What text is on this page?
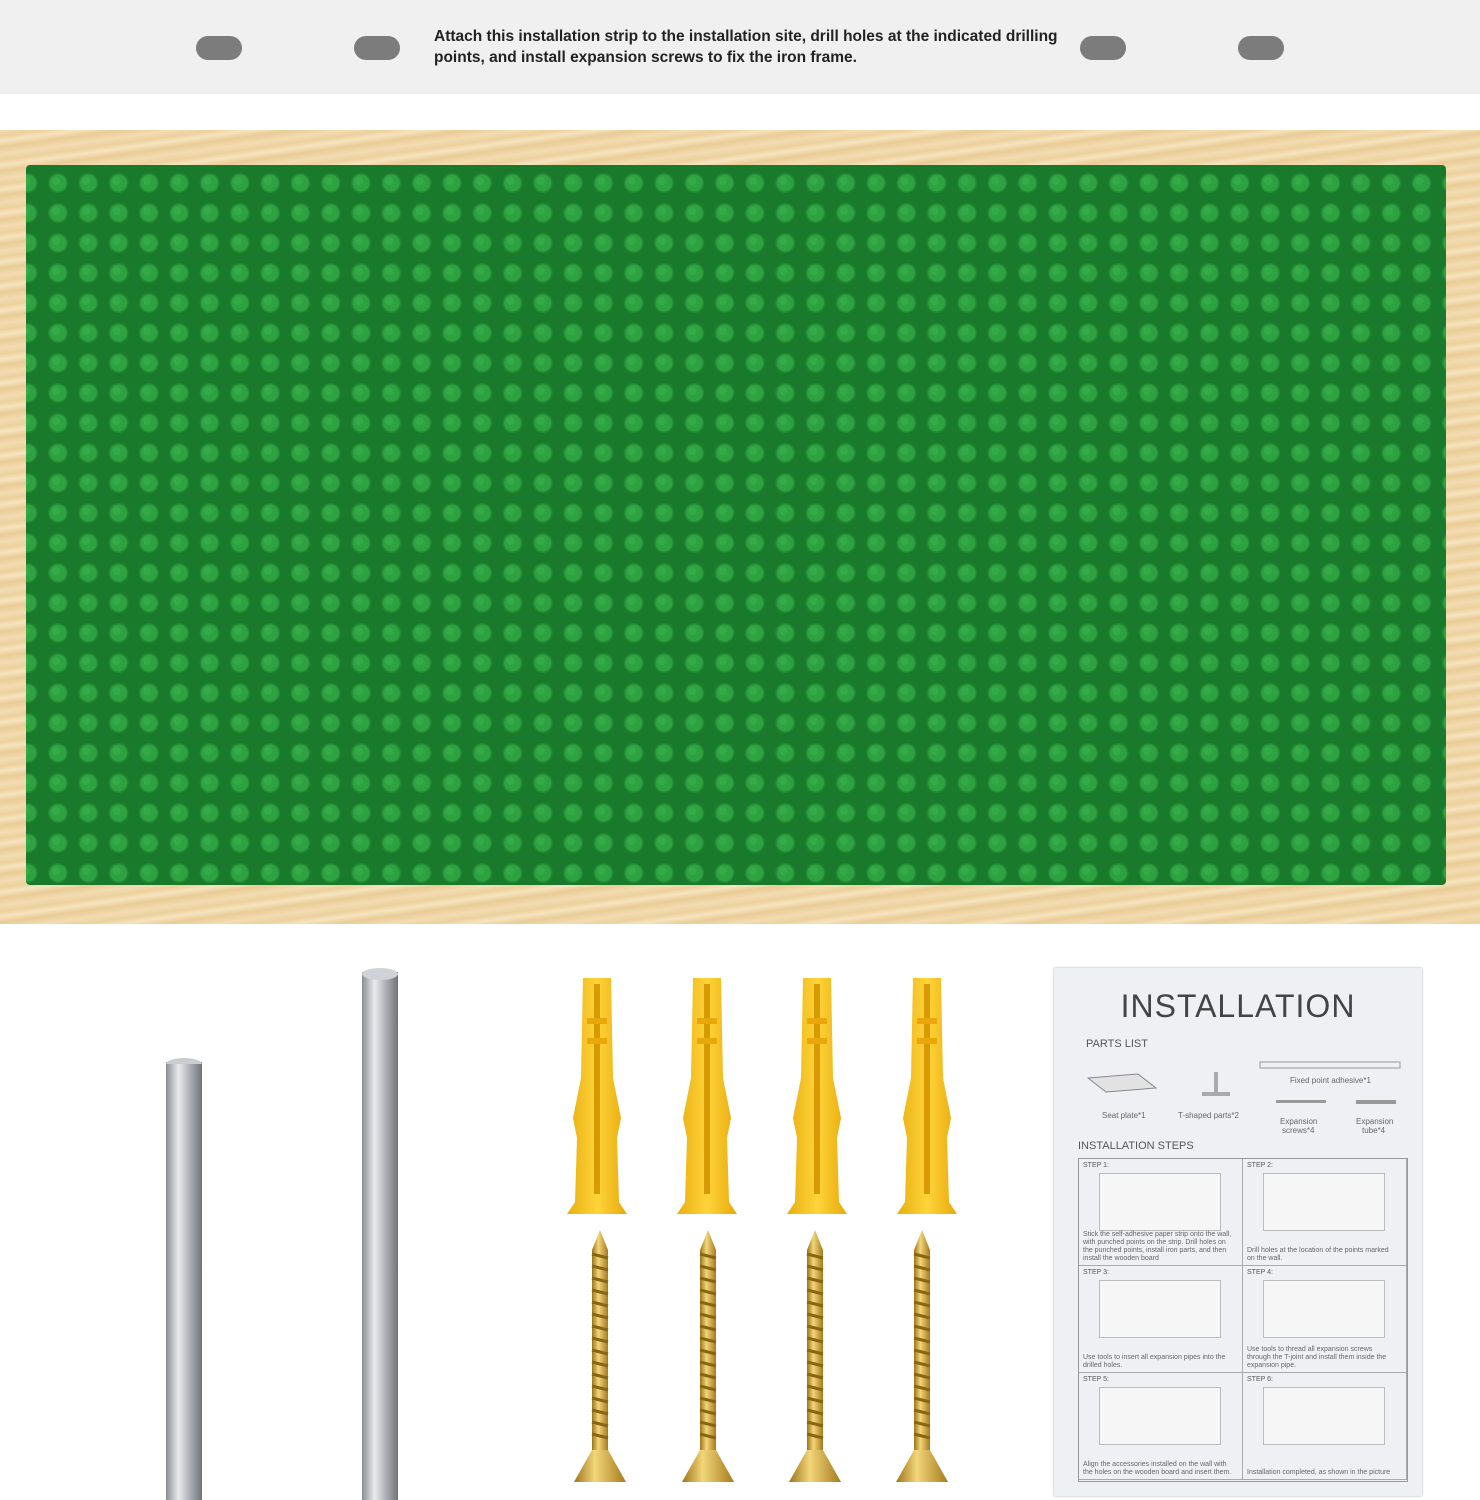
Attach this installation strip to the installation site, drill holes at the indicated drilling points, and install expansion screws to fix the iron frame.
INSTALLATION
PARTS LIST
Fixed point adhesive*1
Seat plate*1	T-shaped parts*2
Expansion
screws*4
Expansion
tube*4
INSTALLATION STEPS
STEP 1:
Stick the self-adhesive paper strip onto the wall, with punched points on the strip. Drill holes on the punched points, install iron parts, and then install the wooden board
STEP 2:
Drill holes at the location of the points marked on the wall.
STEP 3:
Use tools to insert all expansion pipes into the drilled holes.
STEP 4:
Use tools to thread all expansion screws through the T-joint and install them inside the expansion pipe.
STEP 5:
Align the accessories installed on the wall with the holes on the wooden board and insert them.
STEP 6:
Installation completed, as shown in the picture
